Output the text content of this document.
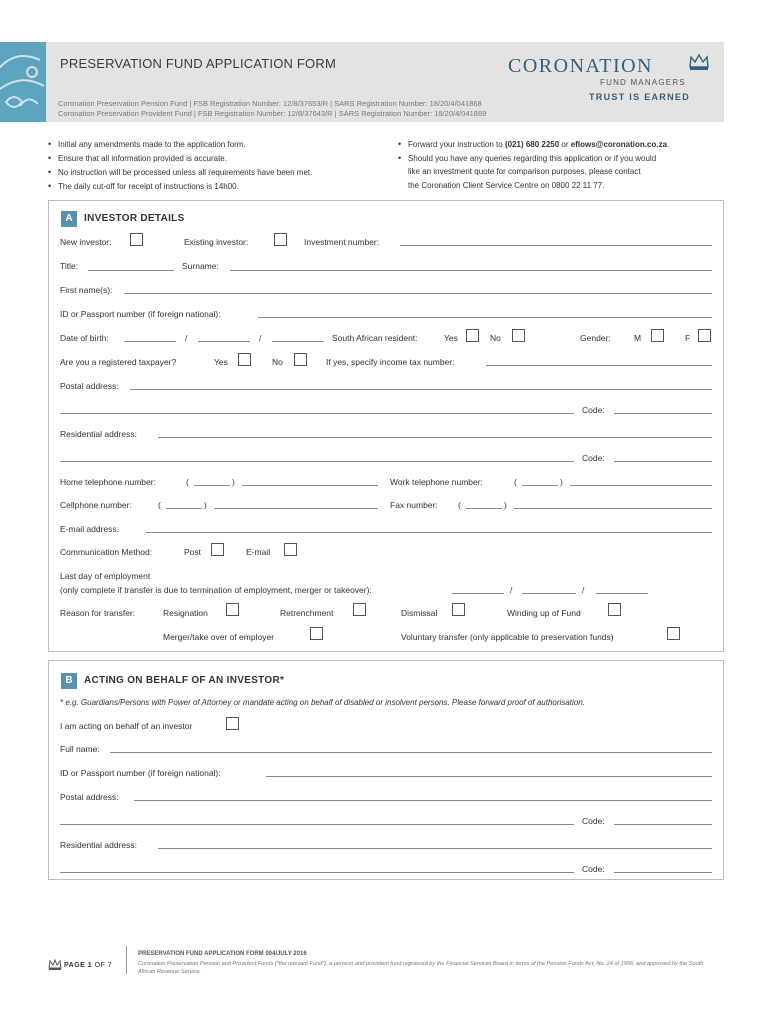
PRESERVATION FUND APPLICATION FORM	CORONATION
FUND MANAGERS
TRUST IS EARNED
Coronation Preservation Pension Fund | FSB Registration Number: 12/8/37653/R | SARS Registration Number: 18/20/4/041868
Coronation Preservation Provident Fund | FSB Registration Number: 12/8/37643/R | SARS Registration Number: 18/20/4/041869
• Initial any amendments made to the application form.
• Ensure that all information provided is accurate.
• No instruction will be processed unless all requirements have been met.
• The daily cut-off for receipt of instructions is 14h00.
• Forward your instruction to (021) 680 2250 or eflows@coronation.co.za.
• Should you have any queries regarding this application or if you would
like an investment quote for comparison purposes, please contact
the Coronation Client Service Centre on 0800 22 11 77.
A	INVESTOR DETAILS
New investor:	Existing investor:	Investment number:
Title:	Surname:
First name(s):
ID or Passport number (if foreign national):
Date of birth:	/	/	South African resident:	Yes	No	Gender:	M	F
Are you a registered taxpayer?	Yes	No	If yes, specify income tax number:
Postal address:
Code:
Residential address:
Code:
Home telephone number:	(	)	Work telephone number:	(	)
Cellphone number:	(	)	Fax number: (	)
E-mail address:
Communication Method:	Post	E-mail
Last day of employment
(only complete if transfer is due to termination of employment, merger or takeover):	/	/
Reason for transfer:	Resignation	Retrenchment	Dismissal	Winding up of Fund
Merger/take over of employer	Voluntary transfer (only applicable to preservation funds)
B	ACTING ON BEHALF OF AN INVESTOR*
* e.g. Guardians/Persons with Power of Attorney or mandate acting on behalf of disabled or insolvent persons. Please forward proof of authorisation.
I am acting on behalf of an investor
Full name:
ID or Passport number (if foreign national):
Postal address:
Code:
Residential address:
Code:
PAGE 1 OF 7
PRESERVATION FUND APPLICATION FORM 004/JULY 2016
Coronation Preservation Pension and Provident Funds ("the relevant Fund"), a pension and provident fund registered by the Financial Services Board in terms of the Pension Funds Act, No. 24 of 1956, and approved by the South African Revenue Service.
